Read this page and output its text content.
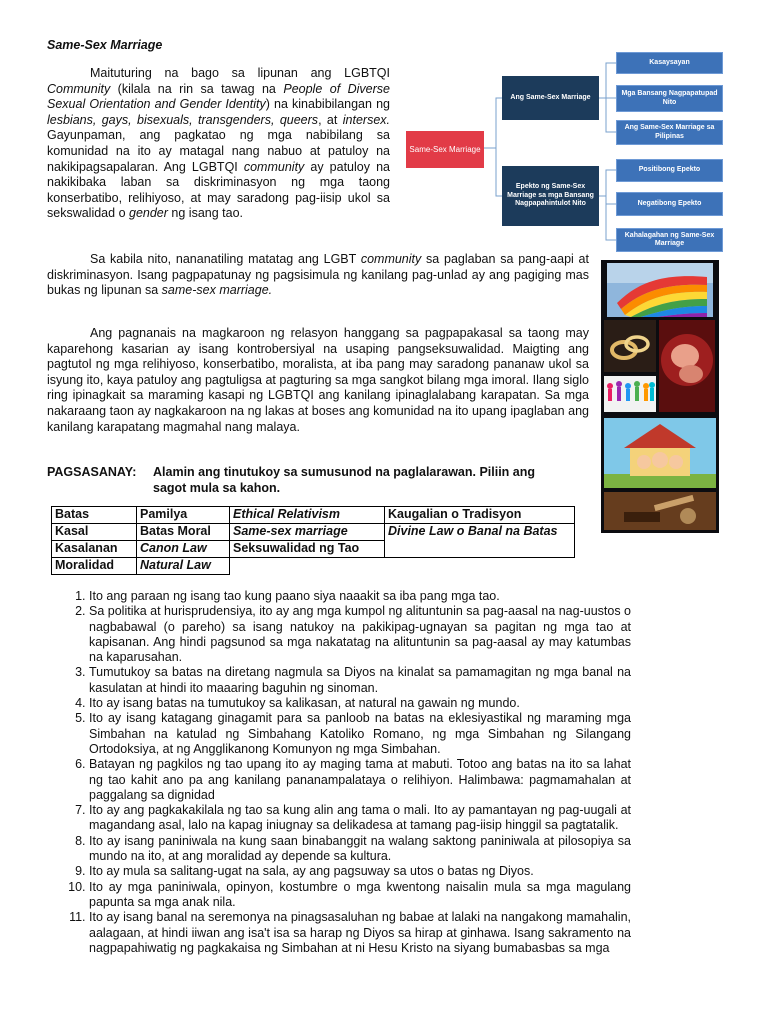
Same-Sex Marriage
Maituturing na bago sa lipunan ang LGBTQI Community (kilala na rin sa tawag na People of Diverse Sexual Orientation and Gender Identity) na kinabibilangan ng lesbians, gays, bisexuals, transgenders, queers, at intersex. Gayunpaman, ang pagkatao ng mga nabibilang sa komunidad na ito ay matagal nang nabuo at patuloy na nakikipagsapalaran. Ang LGBTQI community ay patuloy na nakikibaka laban sa diskriminasyon ng mga taong konserbatibo, relihiyoso, at may saradong pag-iisip ukol sa sekswalidad o gender ng isang tao.
Same-Sex Marriage
Ang Same-Sex Marriage
Epekto ng Same-Sex Marriage sa mga Bansang Nagpapahintulot Nito
Kasaysayan
Mga Bansang Nagpapatupad Nito
Ang Same-Sex Marriage sa Pilipinas
Positibong Epekto
Negatibong Epekto
Kahalagahan ng Same-Sex Marriage
Sa kabila nito, nananatiling matatag ang LGBT community sa paglaban sa pang-aapi at diskriminasyon. Isang pagpapatunay ng pagsisimula ng kanilang pag-unlad ay ang pagiging mas bukas ng lipunan sa same-sex marriage.
Ang pagnanais na magkaroon ng relasyon hanggang sa pagpapakasal sa taong may kaparehong kasarian ay isang kontrobersiyal na usaping pangseksuwalidad. Maigting ang pagtutol ng mga relihiyoso, konserbatibo, moralista, at iba pang may saradong pananaw ukol sa isyung ito, kaya patuloy ang pagtuligsa at pagturing sa mga sangkot bilang mga imoral. Ilang siglo ring ipinagkait sa maraming kasapi ng LGBTQI ang kanilang ipinaglalabang karapatan. Sa mga nakaraang taon ay nagkakaroon na ng lakas at boses ang komunidad na ito upang ipaglaban ang kanilang karapatang magmahal nang malaya.
PAGSASANAY: Alamin ang tinutukoy sa sumusunod na paglalarawan. Piliin ang
sagot mula sa kahon.
Batas	Pamilya	Ethical Relativism	Kaugalian o Tradisyon
Kasal	Batas Moral	Same-sex marriage	Divine Law o Banal na Batas
Kasalanan	Canon Law	Seksuwalidad ng Tao	
Moralidad	Natural Law		
1. Ito ang paraan ng isang tao kung paano siya naaakit sa iba pang mga tao.
2. Sa politika at hurisprudensiya, ito ay ang mga kumpol ng alituntunin sa pag-aasal na nag-uustos o nagbabawal (o pareho) sa isang natukoy na pakikipag-ugnayan sa pagitan ng mga tao at kapisanan. Ang hindi pagsunod sa mga nakatatag na alituntunin sa pag-aasal ay may katumbas na kaparusahan.
3. Tumutukoy sa batas na diretang nagmula sa Diyos na kinalat sa pamamagitan ng mga banal na kasulatan at hindi ito maaaring baguhin ng sinoman.
4. Ito ay isang batas na tumutukoy sa kalikasan, at natural na gawain ng mundo.
5. Ito ay isang katagang ginagamit para sa panloob na batas na eklesiyastikal ng maraming mga Simbahan na katulad ng Simbahang Katoliko Romano, ng mga Simbahan ng Silangang Ortodoksiya, at ng Angglikanong Komunyon ng mga Simbahan.
6. Batayan ng pagkilos ng tao upang ito ay maging tama at mabuti. Totoo ang batas na ito sa lahat ng tao kahit ano pa ang kanilang pananampalataya o relihiyon. Halimbawa: pagmamahalan at paggalang sa dignidad
7. Ito ay ang pagkakakilala ng tao sa kung alin ang tama o mali. Ito ay pamantayan ng pag-uugali at magandang asal, lalo na kapag iniugnay sa delikadesa at tamang pag-iisip hinggil sa pagtatalik.
8. Ito ay isang paniniwala na kung saan binabanggit na walang saktong paniniwala at pilosopiya sa mundo na ito, at ang moralidad ay depende sa kultura.
9. Ito ay mula sa salitang-ugat na sala, ay ang pagsuway sa utos o batas ng Diyos.
10. Ito ay mga paniniwala, opinyon, kostumbre o mga kwentong naisalin mula sa mga magulang papunta sa mga anak nila.
11. Ito ay isang banal na seremonya na pinagsasaluhan ng babae at lalaki na nangakong mamahalin, aalagaan, at hindi iiwan ang isa't isa sa harap ng Diyos sa hirap at ginhawa. Isang sakramento na nagpapahiwatig ng pagkakaisa ng Simbahan at ni Hesu Kristo na siyang bumabasbas sa mga
